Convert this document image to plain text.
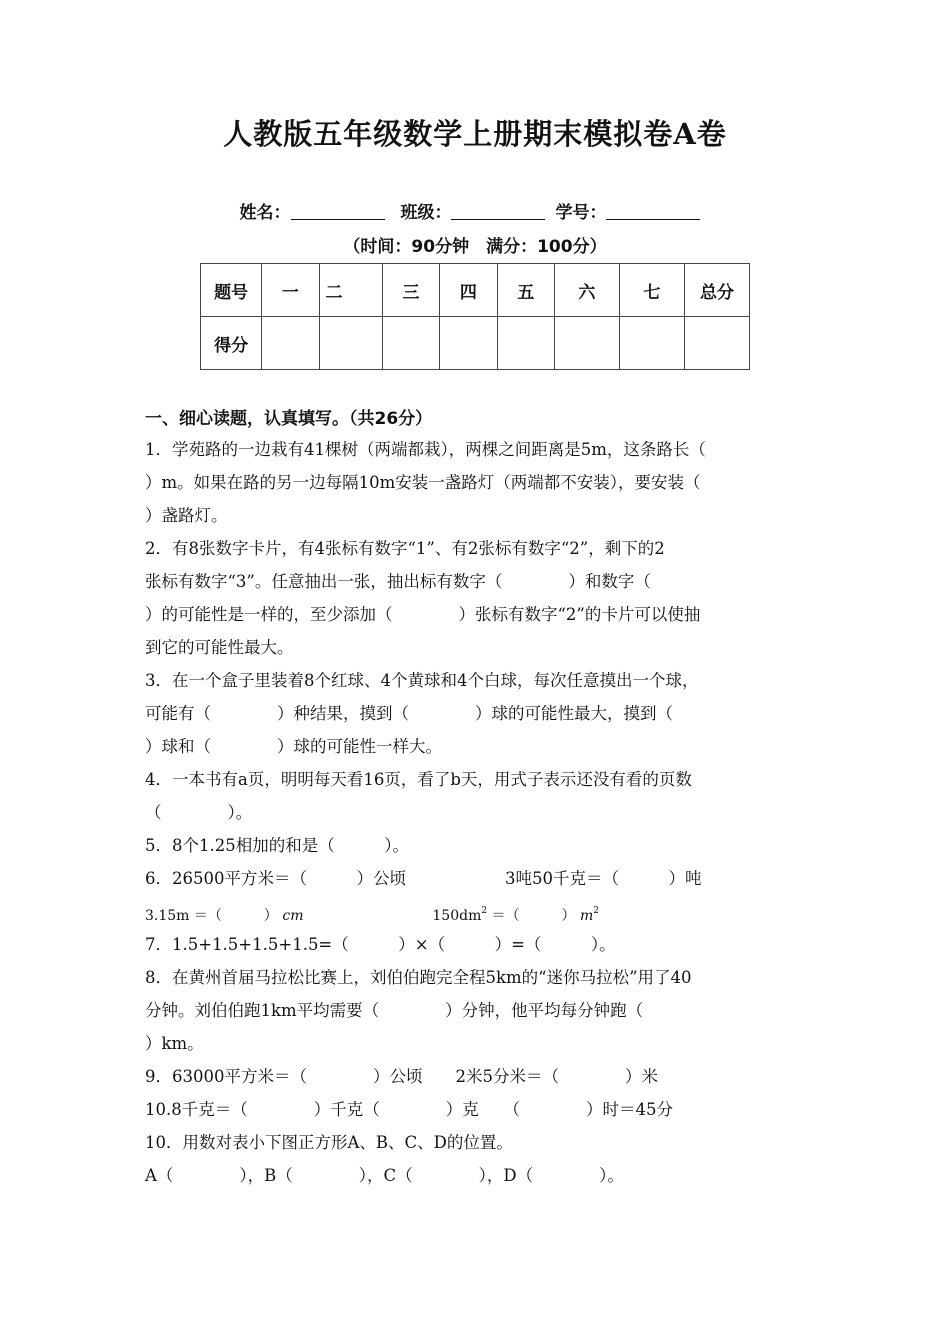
人教版五年级数学上册期末模拟卷A卷
姓名：	班级：	学号：
（时间：90分钟　满分：100分）
题号	一	二	三	四	五	六	七	总分
得分								
一、细心读题，认真填写。（共26分）
1．学苑路的一边栽有41棵树（两端都栽），两棵之间距离是5m，这条路长（
）m。如果在路的另一边每隔10m安装一盏路灯（两端都不安装），要安装（
）盏路灯。
2．有8张数字卡片，有4张标有数字“1”、有2张标有数字“2”，剩下的2
张标有数字“3”。任意抽出一张，抽出标有数字（　　　　）和数字（
）的可能性是一样的，至少添加（　　　　）张标有数字“2”的卡片可以使抽
到它的可能性最大。
3．在一个盒子里装着8个红球、4个黄球和4个白球，每次任意摸出一个球，
可能有（　　　　）种结果，摸到（　　　　）球的可能性最大，摸到（
）球和（　　　　）球的可能性一样大。
4．一本书有a页，明明每天看16页，看了b天，用式子表示还没有看的页数
（　　　　）。
5．8个1.25相加的和是（　　　）。
6．26500平方米＝（　　　）公顷　　　　　　3吨50千克＝（　　　）吨
3.15m ＝（　　　） cm	$150dm^2$ ＝（　　　） $m^2$
7．1.5+1.5+1.5+1.5=（　　　）×（　　　）=（　　　）。
8．在黄州首届马拉松比赛上，刘伯伯跑完全程5km的“迷你马拉松”用了40
分钟。刘伯伯跑1km平均需要（　　　　）分钟，他平均每分钟跑（
）km。
9．63000平方米＝（　　　　）公顷　　2米5分米＝（　　　　）米
10.8千克＝（　　　　）千克（　　　　）克　　（　　　　）时＝45分
10．用数对表小下图正方形A、B、C、D的位置。
A（　　　　），B（　　　　），C（　　　　），D（　　　　）。
